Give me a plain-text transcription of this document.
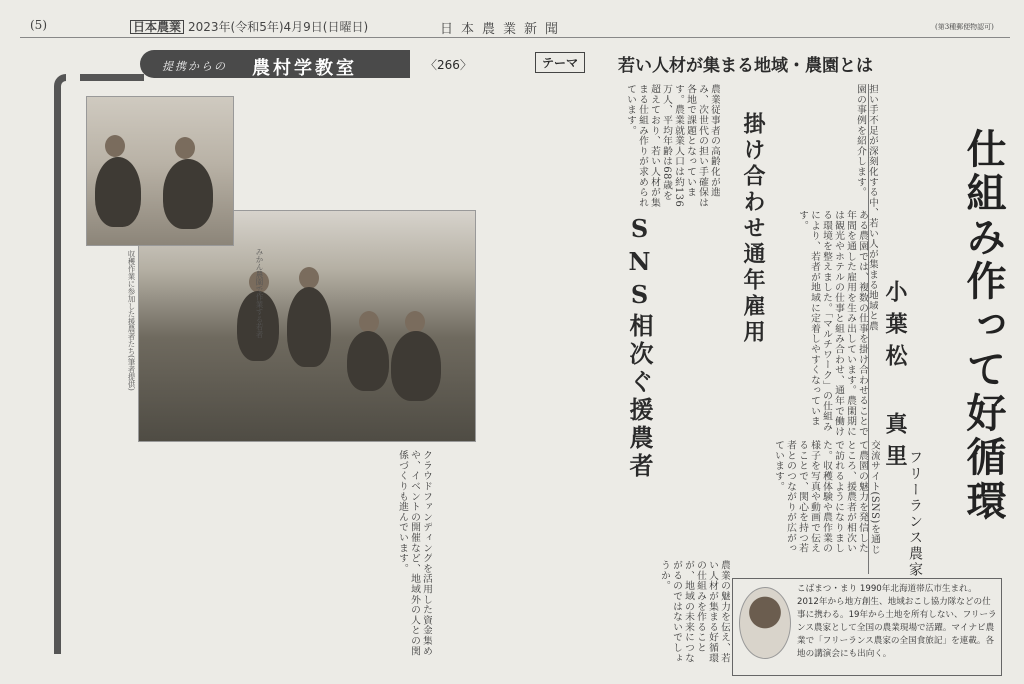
(5)	日本農業 2023年(令和5年)4月9日(日曜日)	日本農業新聞	(第3種郵便物認可)
提携からの 農村学教室	〈266〉	テーマ	若い人材が集まる地域・農園とは
仕組み作って好循環
小葉松 真里
フリーランス農家
掛け合わせ通年雇用
SNS相次ぐ援農者
担い手不足が深刻化する中、若い人が集まる地域と農園の事例を紹介します。
農業従事者の高齢化が進み、次世代の担い手確保は各地で課題となっています。農業就業人口は約136万人、平均年齢は68歳を超えており、若い人材が集まる仕組み作りが求められています。
ある農園では、複数の仕事を掛け合わせることで年間を通した雇用を生み出しています。農閑期には観光やホテルの仕事と組み合わせ、通年で働ける環境を整えました。「マルチワーク」の仕組みにより、若者が地域に定着しやすくなっています。
交流サイト(SNS)を通じて農園の魅力を発信したところ、援農者が相次いで訪れるようになりました。収穫体験や農作業の様子を写真や動画で伝えることで、関心を持つ若者とのつながりが広がっています。
クラウドファンディングを活用した資金集めや、イベントの開催など、地域外の人との関係づくりも進んでいます。
農業の魅力を伝え、若い人材が集まる好循環の仕組みを作ることが、地域の未来につながるのではないでしょうか。
みかん農園で作業する若者
収穫作業に参加した援農者たち(筆者提供)
こばまつ・まり 1990年北海道帯広市生まれ。2012年から地方創生、地域おこし協力隊などの仕事に携わる。19年から土地を所有しない、フリーランス農家として全国の農業現場で活躍。マイナビ農業で「フリーランス農家の全国食旅記」を連載。各地の講演会にも出向く。
